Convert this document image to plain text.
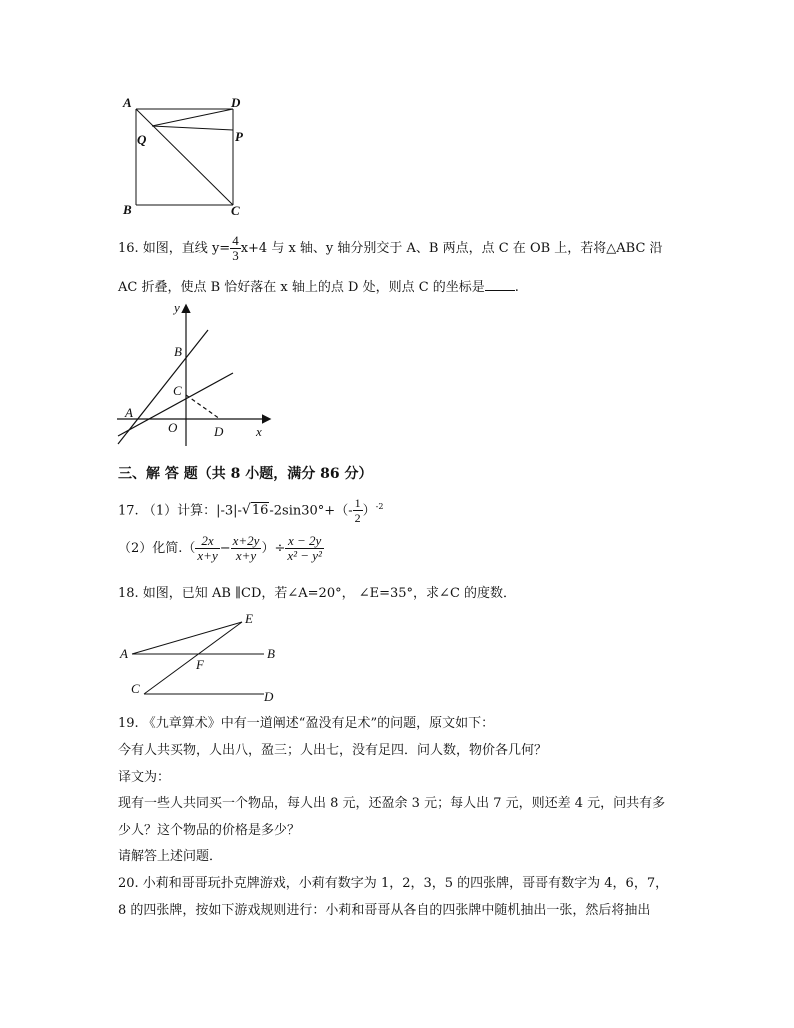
A	D
Q	P
B	C
16. 如图，直线 $y= \frac{4}{3} x+4$ 与 x 轴、y 轴分别交于 A、B 两点，点 C 在 OB 上，若将△ABC 沿
AC 折叠，使点 B 恰好落在 x 轴上的点 D 处，则点 C 的坐标是 .
y
x
B
C
A
O	D
三、解 答 题（共 8 小题，满分 86 分）
17. （1）计算：$|-3|-√16-2\sin 30^\circ+(- \frac{1}{2} )^{-2}$
（2）化简.（ $\frac{2x}{x+y} - \frac{x+2y}{x+y}$ ）÷ $\frac{x - 2y}{\text{x² − y²}}$
18. 如图，已知 AB ∥CD，若∠A=20°， ∠E=35°，求∠C 的度数．
E
A	B
F
C
D
19. 《九章算术》中有一道阐述“盈没有足术”的问题，原文如下：
今有人共买物，人出八，盈三；人出七，没有足四．问人数，物价各几何？
译文为：
现有一些人共同买一个物品，每人出 8 元，还盈余 3 元；每人出 7 元，则还差 4 元，问共有多
少人？这个物品的价格是多少？
请解答上述问题．
20. 小莉和哥哥玩扑克牌游戏，小莉有数字为 1，2，3，5 的四张牌，哥哥有数字为 4，6，7，
8 的四张牌，按如下游戏规则进行：小莉和哥哥从各自的四张牌中随机抽出一张，然后将抽出
